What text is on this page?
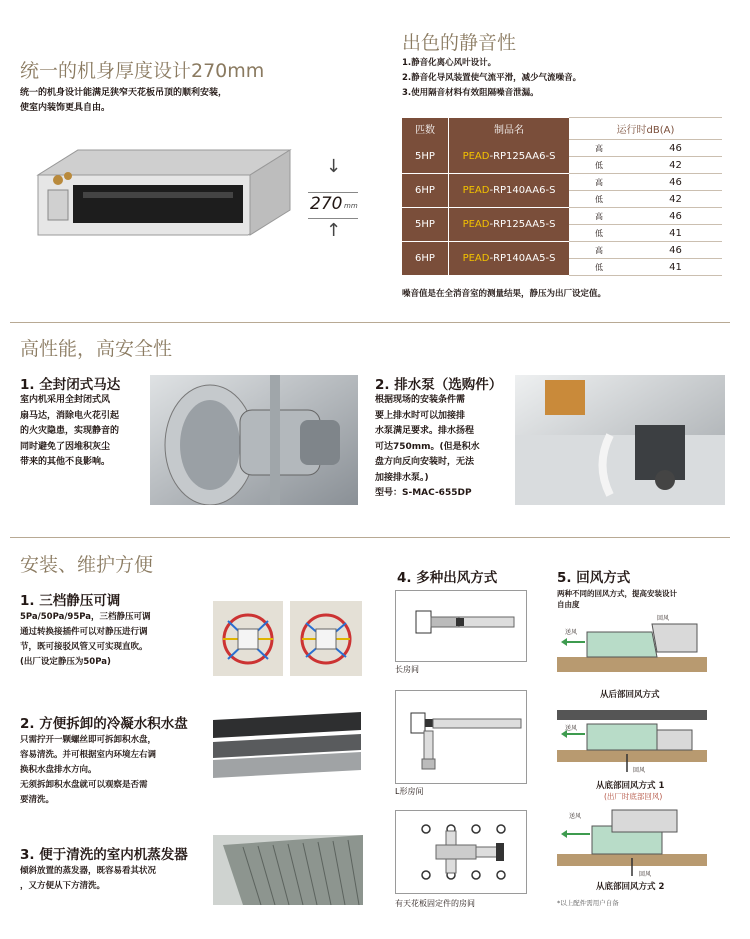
统一的机身厚度设计270mm
统一的机身设计能满足狭窄天花板吊顶的顺利安装，
使室内装饰更具自由。
↓
270 mm
↑
出色的静音性
1.静音化离心风叶设计。
2.静音化导风装置使气流平滑，减少气流噪音。
3.使用隔音材料有效阻隔噪音泄漏。
匹数	制品名	运行时dB(A)	
5HP	PEAD-RP125AA6-S	高	46
		低	42
6HP	PEAD-RP140AA6-S	高	46
		低	42
5HP	PEAD-RP125AA5-S	高	46
		低	41
6HP	PEAD-RP140AA5-S	高	46
		低	41
噪音值是在全消音室的测量结果，静压为出厂设定值。
高性能，高安全性
1. 全封闭式马达
室内机采用全封闭式风
扇马达，消除电火花引起
的火灾隐患，实现静音的
同时避免了因堆积灰尘
带来的其他不良影响。
2. 排水泵（选购件）
根据现场的安装条件需
要上排水时可以加接排
水泵满足要求。排水扬程
可达750mm。(但是积水
盘方向反向安装时，无法
加接排水泵。)
型号：S-MAC-655DP
安装、维护方便
1. 三档静压可调
5Pa/50Pa/95Pa，三档静压可调
通过转换接插件可以对静压进行调
节，既可接驳风管又可实现直吹。
(出厂设定静压为50Pa)
2. 方便拆卸的冷凝水积水盘
只需拧开一颗螺丝即可拆卸积水盘，
容易清洗。并可根据室内环境左右调
换积水盘排水方向。
无须拆卸积水盘就可以观察是否需
要清洗。
3. 便于清洗的室内机蒸发器
倾斜放置的蒸发器，既容易看其状况
，又方便从下方清洗。
4. 多种出风方式
长房间
L形房间
有天花板固定件的房间
5. 回风方式
两种不同的回风方式，提高安装设计
自由度
送风
回风
从后部回风方式
送风
回风
从底部回风方式 1
(出厂时底部回风)
送风
回风
从底部回风方式 2
*以上配件需用户自备
